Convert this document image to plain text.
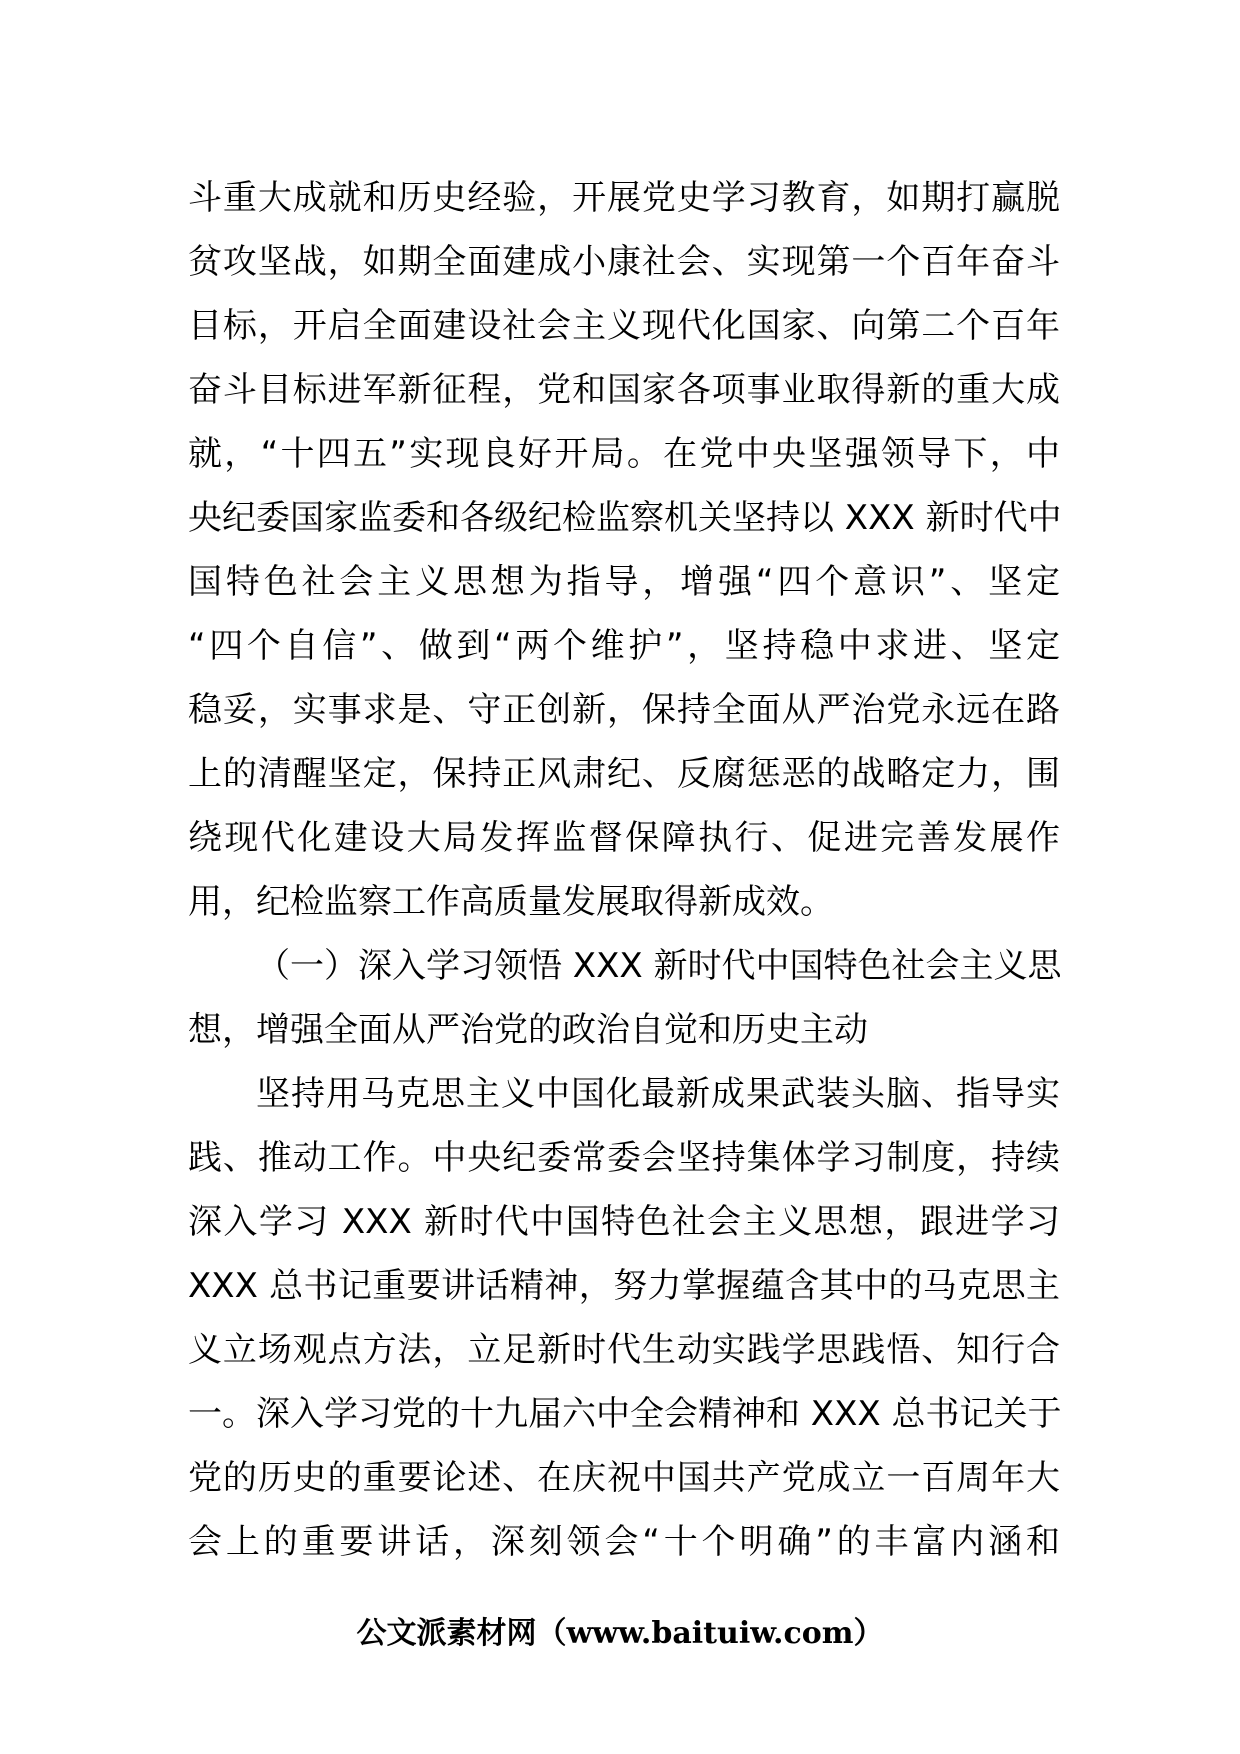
斗重大成就和历史经验，开展党史学习教育，如期打赢脱
贫攻坚战，如期全面建成小康社会、实现第一个百年奋斗
目标，开启全面建设社会主义现代化国家、向第二个百年
奋斗目标进军新征程，党和国家各项事业取得新的重大成
就，“十四五”实现良好开局。在党中央坚强领导下，中
央纪委国家监委和各级纪检监察机关坚持以 XXX 新时代中
国特色社会主义思想为指导，增强“四个意识”、坚定
“四个自信”、做到“两个维护”，坚持稳中求进、坚定
稳妥，实事求是、守正创新，保持全面从严治党永远在路
上的清醒坚定，保持正风肃纪、反腐惩恶的战略定力，围
绕现代化建设大局发挥监督保障执行、促进完善发展作
用，纪检监察工作高质量发展取得新成效。
（一）深入学习领悟 XXX 新时代中国特色社会主义思
想，增强全面从严治党的政治自觉和历史主动
坚持用马克思主义中国化最新成果武装头脑、指导实
践、推动工作。中央纪委常委会坚持集体学习制度，持续
深入学习 XXX 新时代中国特色社会主义思想，跟进学习
XXX 总书记重要讲话精神，努力掌握蕴含其中的马克思主
义立场观点方法，立足新时代生动实践学思践悟、知行合
一。深入学习党的十九届六中全会精神和 XXX 总书记关于
党的历史的重要论述、在庆祝中国共产党成立一百周年大
会上的重要讲话，深刻领会“十个明确”的丰富内涵和
公文派素材网（www.baituiw.com）
